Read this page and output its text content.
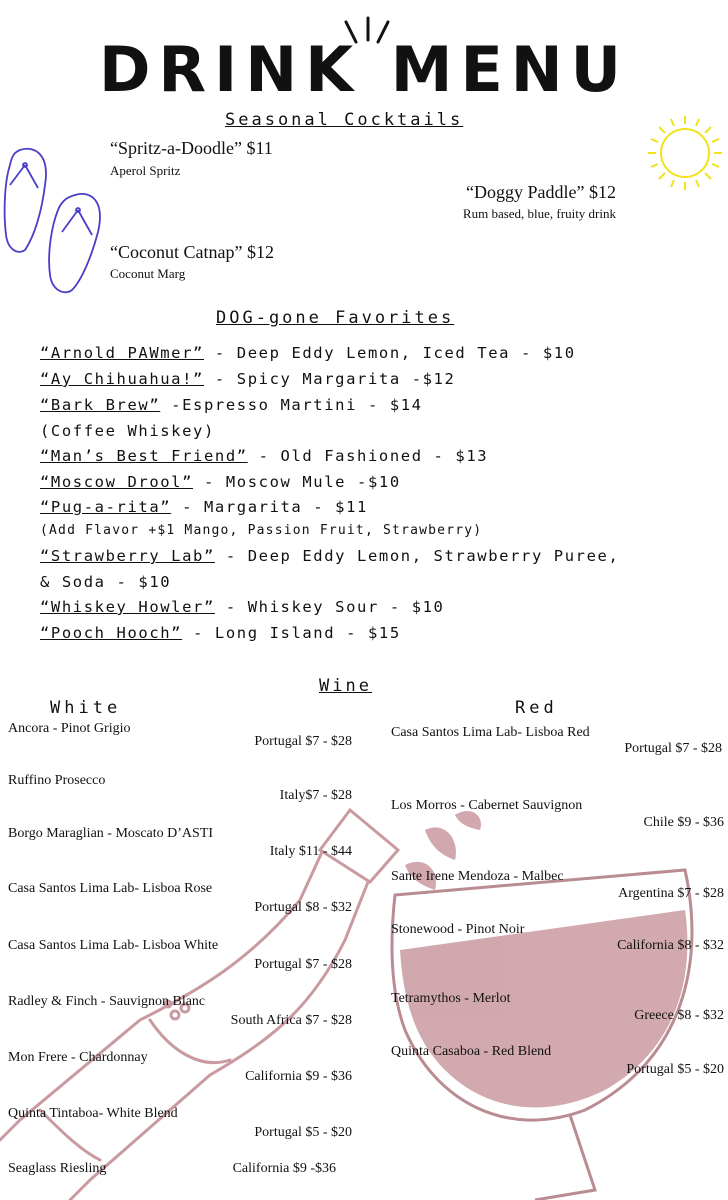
DRINK MENU
Seasonal Cocktails
“Spritz-a-Doodle” $11
Aperol Spritz
“Doggy Paddle” $12
Rum based, blue, fruity drink
“Coconut Catnap” $12
Coconut Marg
DOG-gone Favorites
“Arnold PAWmer” - Deep Eddy Lemon, Iced Tea - $10
“Ay Chihuahua!” - Spicy Margarita -$12
“Bark Brew” -Espresso Martini - $14
(Coffee Whiskey)
“Man’s Best Friend” - Old Fashioned - $13
“Moscow Drool” - Moscow Mule -$10
“Pug-a-rita” - Margarita - $11
(Add Flavor +$1 Mango, Passion Fruit, Strawberry)
“Strawberry Lab” - Deep Eddy Lemon, Strawberry Puree,
& Soda - $10
“Whiskey Howler” - Whiskey Sour - $10
“Pooch Hooch” - Long Island - $15
Wine
White	Red
Ancora - Pinot Grigio
Portugal $7 - $28
Ruffino Prosecco
Italy$7 - $28
Borgo Maraglian - Moscato D’ASTI
Italy $11 - $44
Casa Santos Lima Lab- Lisboa Rose
Portugal $8 - $32
Casa Santos Lima Lab- Lisboa White
Portugal $7 - $28
Radley & Finch - Sauvignon Blanc
South Africa $7 - $28
Mon Frere - Chardonnay
California $9 - $36
Quinta Tintaboa- White Blend
Portugal $5 - $20
Seaglass Riesling	California $9 -$36
Casa Santos Lima Lab- Lisboa Red
Portugal $7 - $28
Los Morros - Cabernet Sauvignon
Chile $9 - $36
Sante Irene Mendoza - Malbec
Argentina $7 - $28
Stonewood - Pinot Noir
California $8 - $32
Tetramythos - Merlot
Greece $8 - $32
Quinta Casaboa - Red Blend
Portugal $5 - $20
